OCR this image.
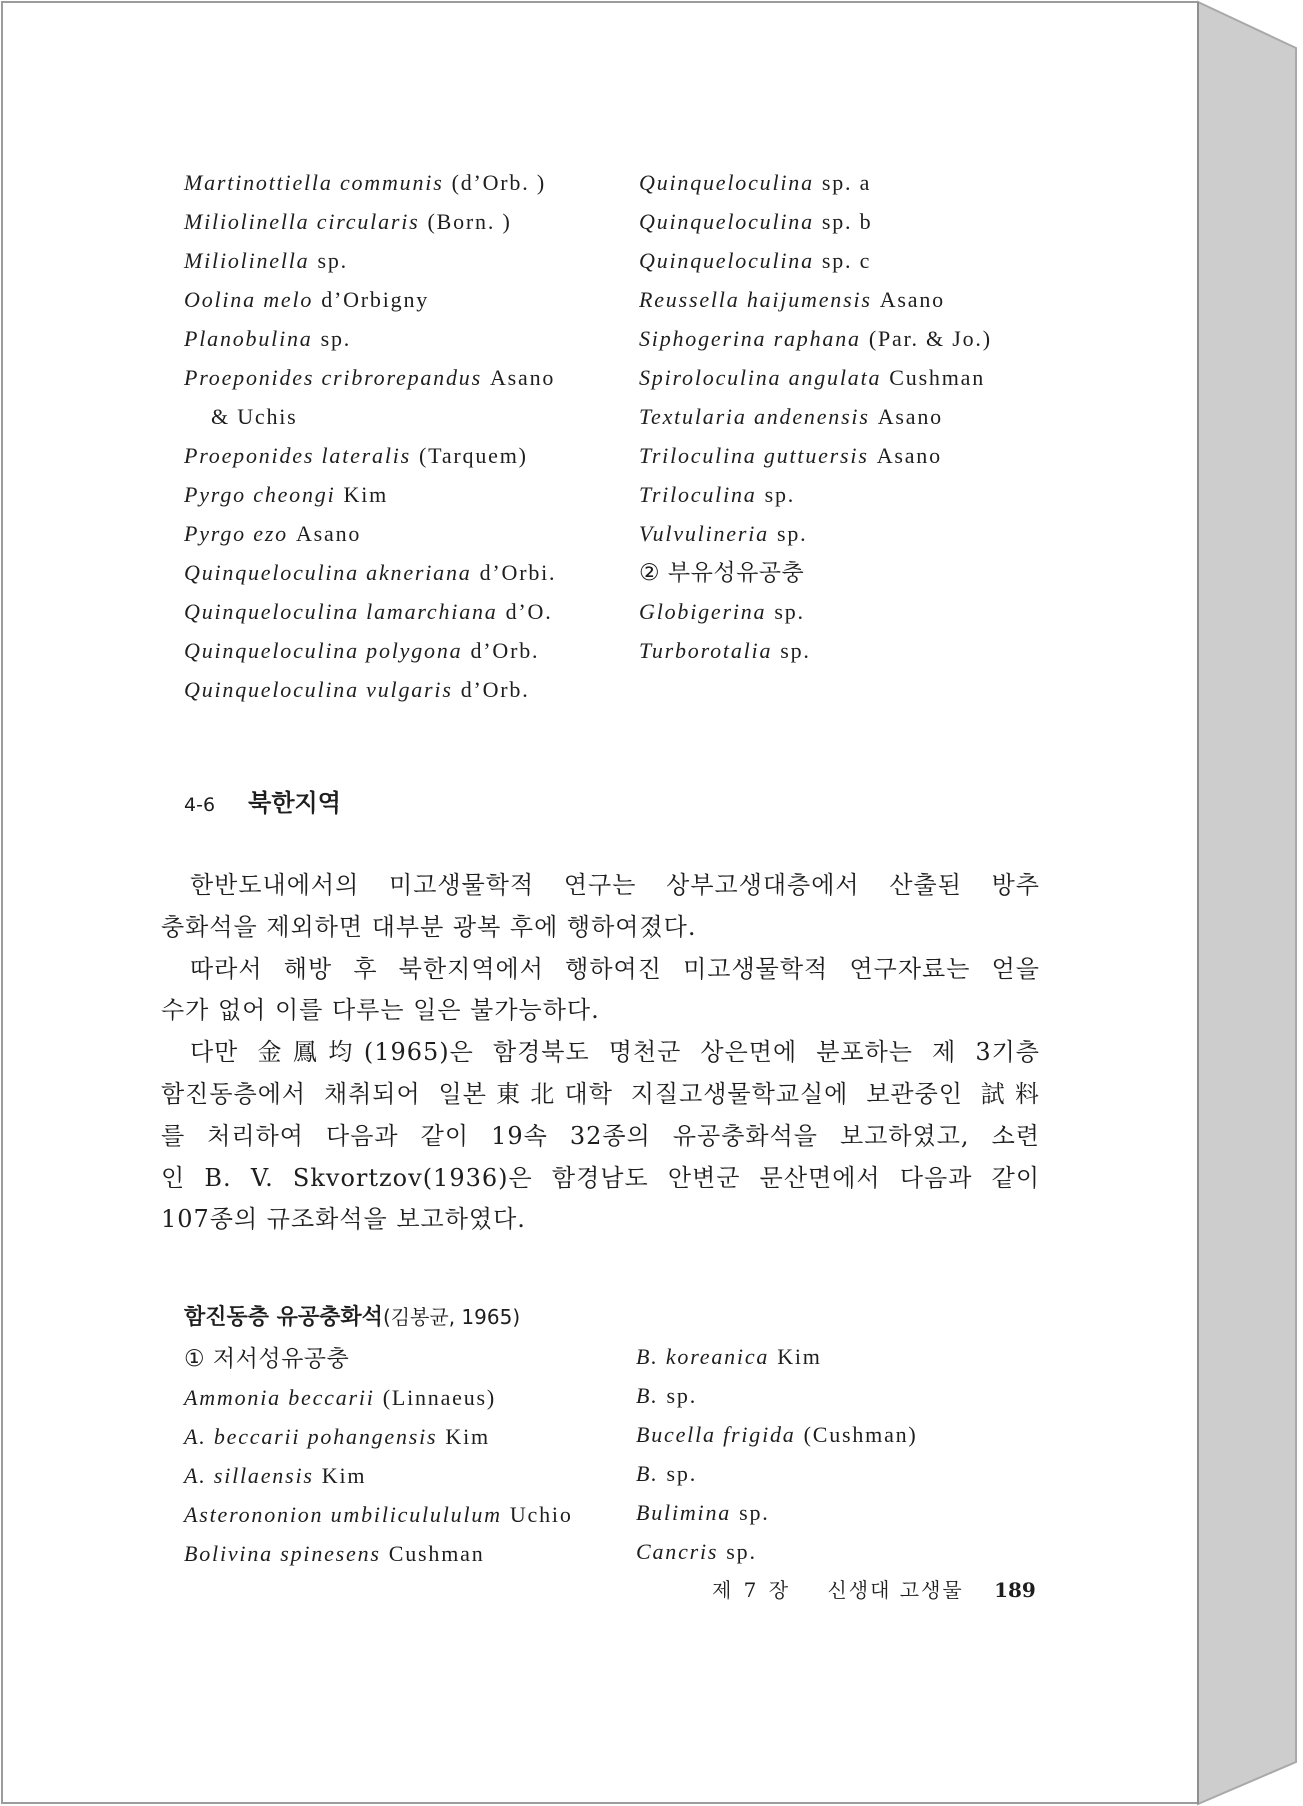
Martinottiella communis (d’Orb. )
Miliolinella circularis (Born. )
Miliolinella sp.
Oolina melo d’Orbigny
Planobulina sp.
Proeponides cribrorepandus Asano
& Uchis
Proeponides lateralis (Tarquem)
Pyrgo cheongi Kim
Pyrgo ezo Asano
Quinqueloculina akneriana d’Orbi.
Quinqueloculina lamarchiana d’O.
Quinqueloculina polygona d’Orb.
Quinqueloculina vulgaris d’Orb.
Quinqueloculina sp. a
Quinqueloculina sp. b
Quinqueloculina sp. c
Reussella haijumensis Asano
Siphogerina raphana (Par. & Jo.)
Spiroloculina angulata Cushman
Textularia andenensis Asano
Triloculina guttuersis Asano
Triloculina sp.
Vulvulineria sp.
② 부유성유공충
Globigerina sp.
Turborotalia sp.
4-6 북한지역
한반도내에서의 미고생물학적 연구는 상부고생대층에서 산출된 방추
충화석을 제외하면 대부분 광복 후에 행하여졌다.
따라서 해방 후 북한지역에서 행하여진 미고생물학적 연구자료는 얻을
수가 없어 이를 다루는 일은 불가능하다.
다만 金鳳均(1965)은 함경북도 명천군 상은면에 분포하는 제 3기층
함진동층에서 채취되어 일본東北대학 지질고생물학교실에 보관중인 試料
를 처리하여 다음과 같이 19속 32종의 유공충화석을 보고하였고, 소련
인 B. V. Skvortzov(1936)은 함경남도 안변군 문산면에서 다음과 같이
107종의 규조화석을 보고하였다.
함진동층 유공충화석(김봉균, 1965)
① 저서성유공충
Ammonia beccarii (Linnaeus)
A. beccarii pohangensis Kim
A. sillaensis Kim
Asterononion umbiliculululum Uchio
Bolivina spinesens Cushman
B. koreanica Kim
B. sp.
Bucella frigida (Cushman)
B. sp.
Bulimina sp.
Cancris sp.
제 7 장 신생대 고생물 189
